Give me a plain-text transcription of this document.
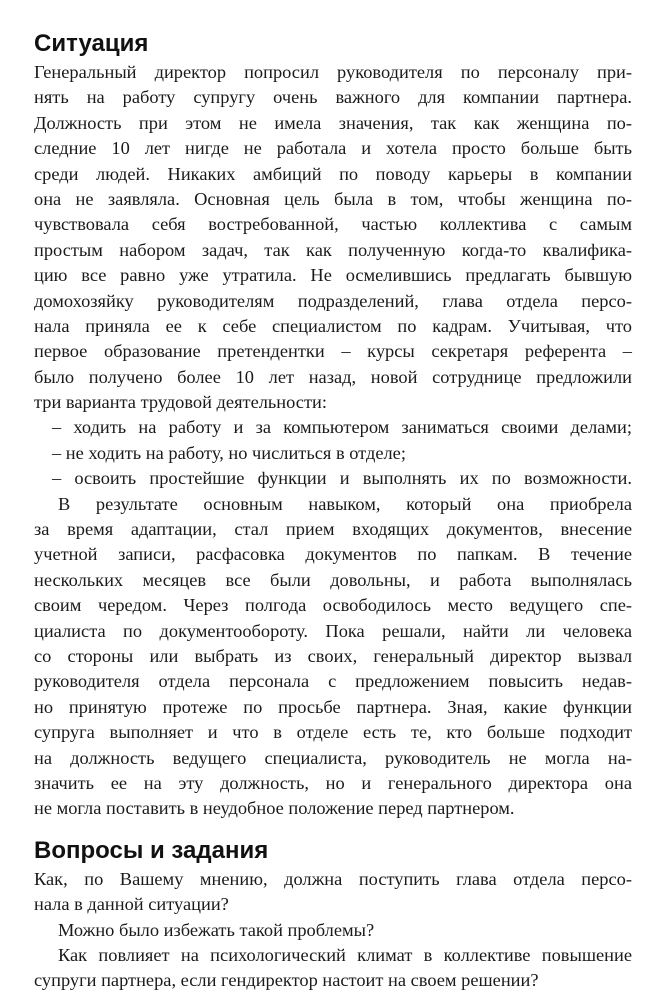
Ситуация
Генеральный директор попросил руководителя по персоналу при-
нять на работу супругу очень важного для компании партнера.
Должность при этом не имела значения, так как женщина по-
следние 10 лет нигде не работала и хотела просто больше быть
среди людей. Никаких амбиций по поводу карьеры в компании
она не заявляла. Основная цель была в том, чтобы женщина по-
чувствовала себя востребованной, частью коллектива с самым
простым набором задач, так как полученную когда-то квалифика-
цию все равно уже утратила. Не осмелившись предлагать бывшую
домохозяйку руководителям подразделений, глава отдела персо-
нала приняла ее к себе специалистом по кадрам. Учитывая, что
первое образование претендентки – курсы секретаря референта –
было получено более 10 лет назад, новой сотруднице предложили
три варианта трудовой деятельности:
– ходить на работу и за компьютером заниматься своими делами;
– не ходить на работу, но числиться в отделе;
– освоить простейшие функции и выполнять их по возможности.
В результате основным навыком, который она приобрела
за время адаптации, стал прием входящих документов, внесение
учетной записи, расфасовка документов по папкам. В течение
нескольких месяцев все были довольны, и работа выполнялась
своим чередом. Через полгода освободилось место ведущего спе-
циалиста по документообороту. Пока решали, найти ли человека
со стороны или выбрать из своих, генеральный директор вызвал
руководителя отдела персонала с предложением повысить недав-
но принятую протеже по просьбе партнера. Зная, какие функции
супруга выполняет и что в отделе есть те, кто больше подходит
на должность ведущего специалиста, руководитель не могла на-
значить ее на эту должность, но и генерального директора она
не могла поставить в неудобное положение перед партнером.
Вопросы и задания
Как, по Вашему мнению, должна поступить глава отдела персо-
нала в данной ситуации?
Можно было избежать такой проблемы?
Как повлияет на психологический климат в коллективе повышение
супруги партнера, если гендиректор настоит на своем решении?
